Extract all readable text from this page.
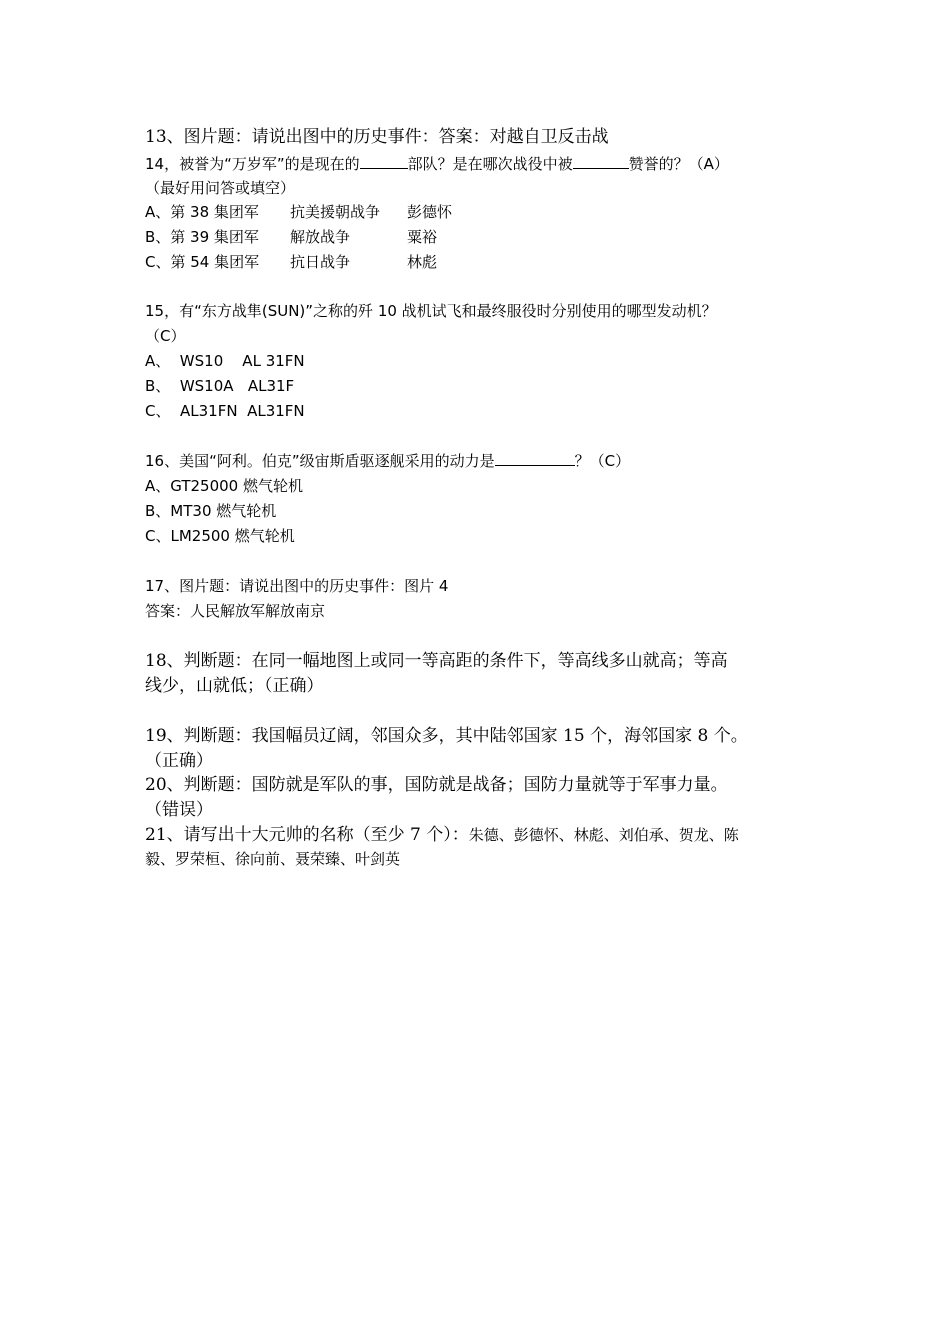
13、图片题：请说出图中的历史事件：答案：对越自卫反击战
14，被誉为“万岁军”的是现在的	部队？是在哪次战役中被	赞誉的？（A）
（最好用问答或填空）
A、第 38 集团军 抗美援朝战争 彭德怀
B、第 39 集团军 解放战争	粟裕
C、第 54 集团军 抗日战争	林彪
15，有“东方战隼(SUN)”之称的歼 10 战机试飞和最终服役时分别使用的哪型发动机？
（C）
A、  WS10    AL 31FN
B、  WS10A   AL31F
C、  AL31FN  AL31FN
16、美国“阿利。伯克”级宙斯盾驱逐舰采用的动力是	？（C）
A、GT25000 燃气轮机
B、MT30 燃气轮机
C、LM2500 燃气轮机
17、图片题：请说出图中的历史事件：图片 4
答案：人民解放军解放南京
18、判断题：在同一幅地图上或同一等高距的条件下，等高线多山就高；等高
线少，山就低；（正确）
19、判断题：我国幅员辽阔，邻国众多，其中陆邻国家 15 个，海邻国家 8 个。
（正确）
20、判断题：国防就是军队的事，国防就是战备；国防力量就等于军事力量。
（错误）
21、请写出十大元帅的名称（至少 7 个）：朱德、彭德怀、林彪、刘伯承、贺龙、陈
毅、罗荣桓、徐向前、聂荣臻、叶剑英
